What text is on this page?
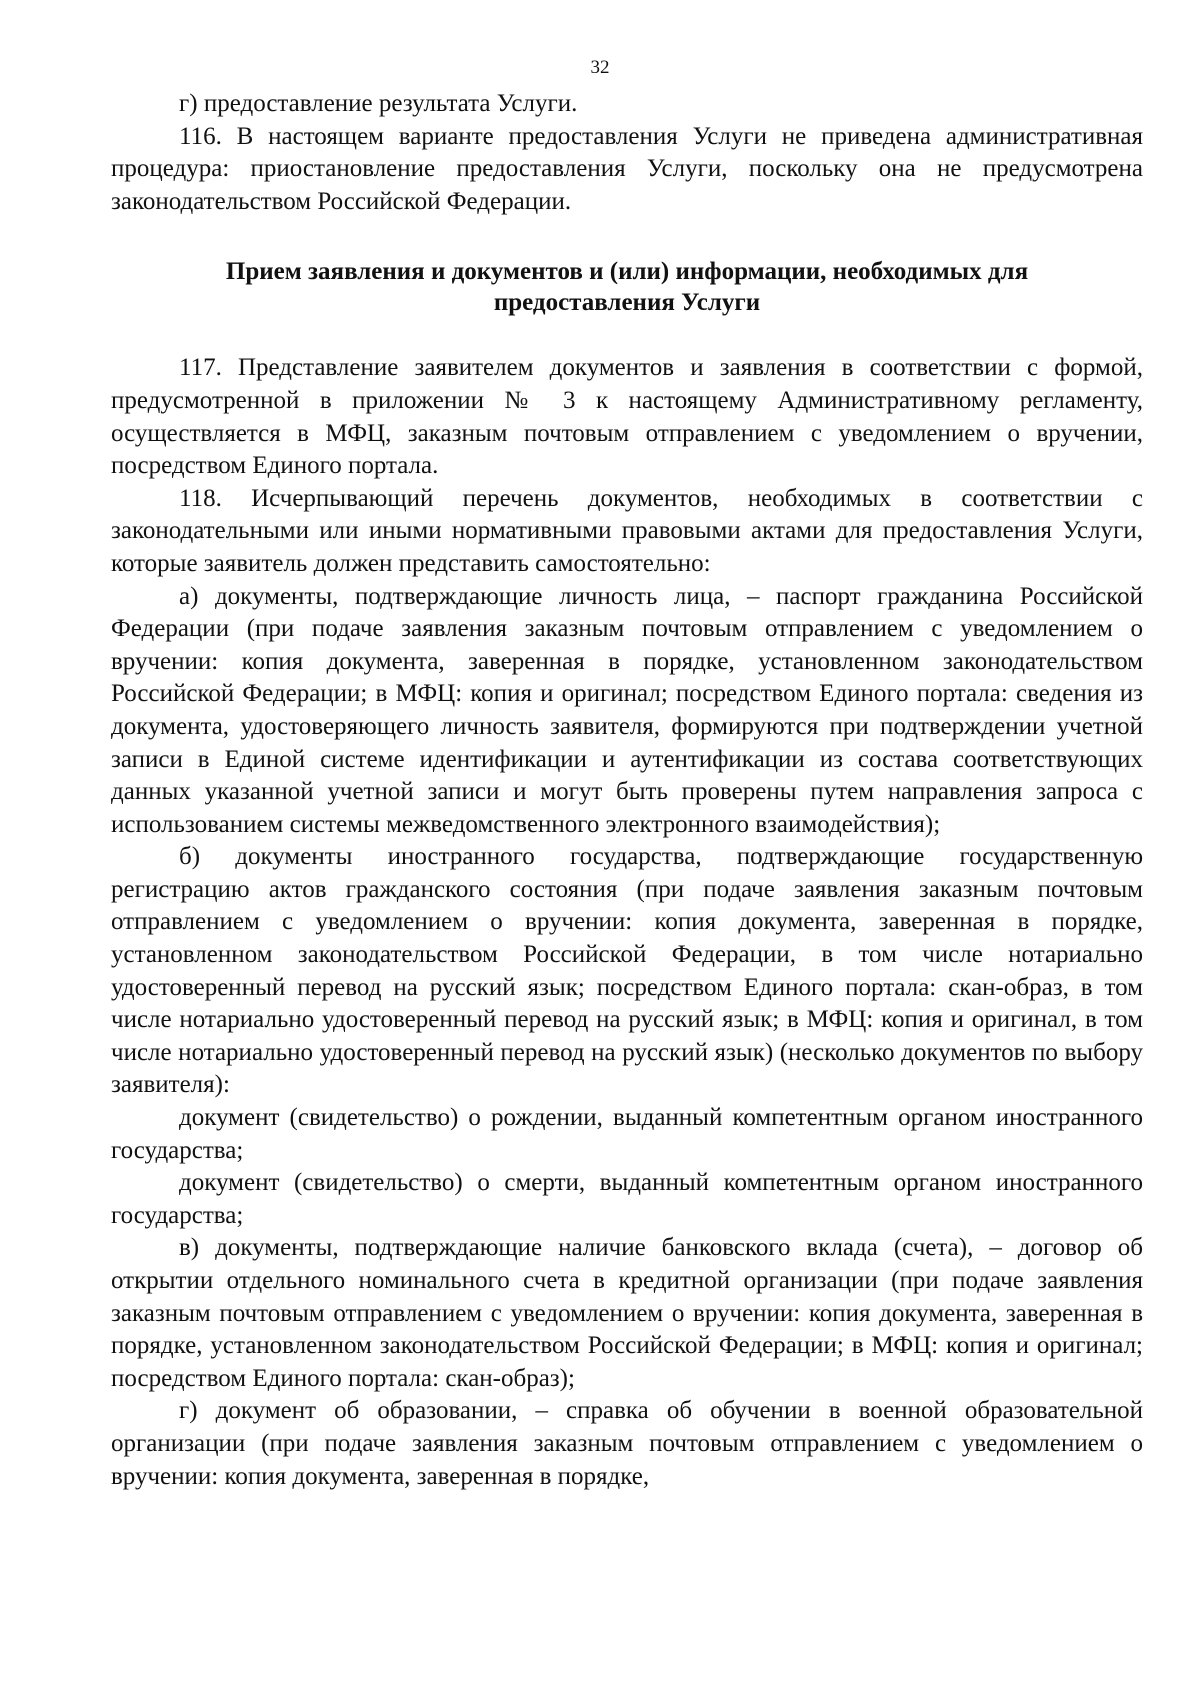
32

г) предоставление результата Услуги.

116. В настоящем варианте предоставления Услуги не приведена административная процедура: приостановление предоставления Услуги, поскольку она не предусмотрена законодательством Российской Федерации.

Прием заявления и документов и (или) информации, необходимых для
предоставления Услуги

117. Представление заявителем документов и заявления в соответствии с формой, предусмотренной в приложении № 3 к настоящему Административному регламенту, осуществляется в МФЦ, заказным почтовым отправлением с уведомлением о вручении, посредством Единого портала.

118. Исчерпывающий перечень документов, необходимых в соответствии с законодательными или иными нормативными правовыми актами для предоставления Услуги, которые заявитель должен представить самостоятельно:

а) документы, подтверждающие личность лица, – паспорт гражданина Российской Федерации (при подаче заявления заказным почтовым отправлением с уведомлением о вручении: копия документа, заверенная в порядке, установленном законодательством Российской Федерации; в МФЦ: копия и оригинал; посредством Единого портала: сведения из документа, удостоверяющего личность заявителя, формируются при подтверждении учетной записи в Единой системе идентификации и аутентификации из состава соответствующих данных указанной учетной записи и могут быть проверены путем направления запроса с использованием системы межведомственного электронного взаимодействия);

б) документы иностранного государства, подтверждающие государственную регистрацию актов гражданского состояния (при подаче заявления заказным почтовым отправлением с уведомлением о вручении: копия документа, заверенная в порядке, установленном законодательством Российской Федерации, в том числе нотариально удостоверенный перевод на русский язык; посредством Единого портала: скан-образ, в том числе нотариально удостоверенный перевод на русский язык; в МФЦ: копия и оригинал, в том числе нотариально удостоверенный перевод на русский язык) (несколько документов по выбору заявителя):

документ (свидетельство) о рождении, выданный компетентным органом иностранного государства;

документ (свидетельство) о смерти, выданный компетентным органом иностранного государства;

в) документы, подтверждающие наличие банковского вклада (счета), – договор об открытии отдельного номинального счета в кредитной организации (при подаче заявления заказным почтовым отправлением с уведомлением о вручении: копия документа, заверенная в порядке, установленном законодательством Российской Федерации; в МФЦ: копия и оригинал; посредством Единого портала: скан-образ);

г) документ об образовании, – справка об обучении в военной образовательной организации (при подаче заявления заказным почтовым отправлением с уведомлением о вручении: копия документа, заверенная в порядке,
